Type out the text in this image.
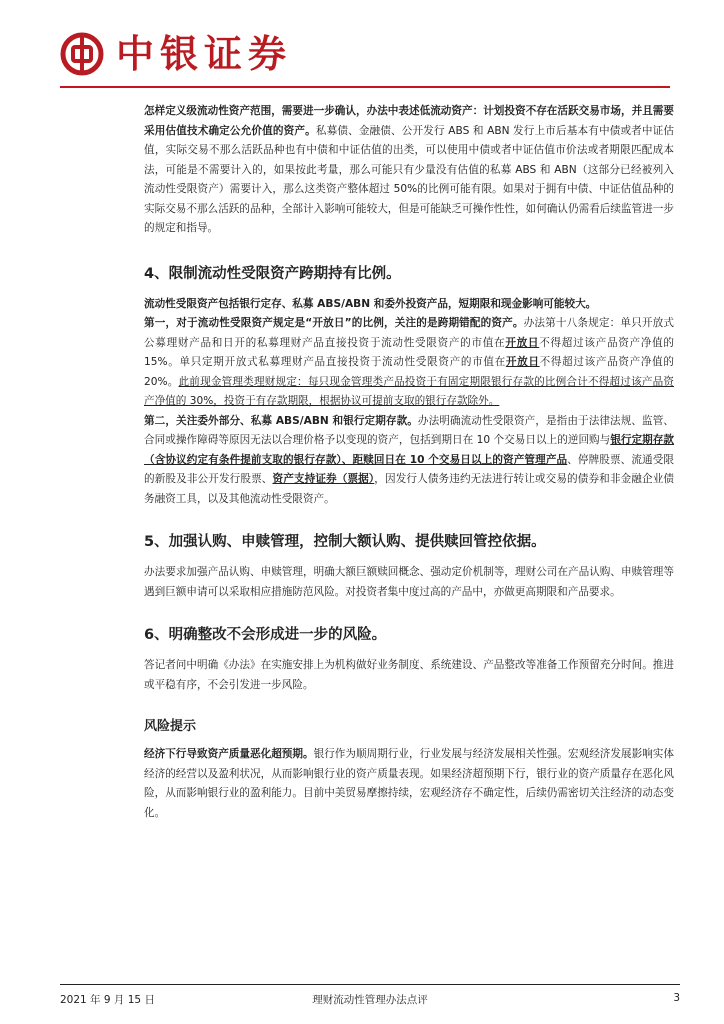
中银证券

怎样定义级流动性资产范围，需要进一步确认，办法中表述低流动资产：计划投资不存在活跃交易市场，并且需要采用估值技术确定公允价值的资产。私募债、金融债、公开发行 ABS 和 ABN 发行上市后基本有中债或者中证估值，实际交易不那么活跃品种也有中债和中证估值的出类，可以使用中债或者中证估值市价法或者期限匹配成本法，可能是不需要计入的，如果按此考量，那么可能只有少量没有估值的私募 ABS 和 ABN（这部分已经被列入流动性受限资产）需要计入，那么这类资产整体超过 50%的比例可能有限。如果对于拥有中债、中证估值品种的实际交易不那么活跃的品种，全部计入影响可能较大，但是可能缺乏可操作性性，如何确认仍需看后续监管进一步的规定和指导。

4、限制流动性受限资产跨期持有比例。

流动性受限资产包括银行定存、私募 ABS/ABN 和委外投资产品，短期限和现金影响可能较大。

第一，对于流动性受限资产规定是“开放日”的比例，关注的是跨期错配的资产。办法第十八条规定：单只开放式公募理财产品和日开的私募理财产品直接投资于流动性受限资产的市值在开放日不得超过该产品资产净值的 15%。单只定期开放式私募理财产品直接投资于流动性受限资产的市值在开放日不得超过该产品资产净值的 20%。此前现金管理类理财规定：每只现金管理类产品投资于有固定期限银行存款的比例合计不得超过该产品资产净值的 30%，投资于有存款期限，根据协议可提前支取的银行存款除外。

第二，关注委外部分、私募 ABS/ABN 和银行定期存款。办法明确流动性受限资产，是指由于法律法规、监管、合同或操作障碍等原因无法以合理价格予以变现的资产，包括到期日在 10 个交易日以上的逆回购与银行定期存款（含协议约定有条件提前支取的银行存款）、距赎回日在 10 个交易日以上的资产管理产品、停牌股票、流通受限的新股及非公开发行股票、资产支持证券（票据），因发行人债务违约无法进行转让或交易的债券和非金融企业债务融资工具，以及其他流动性受限资产。

5、加强认购、申赎管理，控制大额认购、提供赎回管控依据。

办法要求加强产品认购、申赎管理，明确大额巨额赎回概念、强动定价机制等，理财公司在产品认购、申赎管理等遇到巨额申请可以采取相应措施防范风险。对投资者集中度过高的产品中，亦做更高期限和产品要求。

6、明确整改不会形成进一步的风险。

答记者问中明确《办法》在实施安排上为机构做好业务制度、系统建设、产品整改等准备工作预留充分时间。推进或平稳有序，不会引发进一步风险。

风险提示

经济下行导致资产质量恶化超预期。银行作为顺周期行业，行业发展与经济发展相关性强。宏观经济发展影响实体经济的经营以及盈利状况，从而影响银行业的资产质量表现。如果经济超预期下行，银行业的资产质量存在恶化风险，从而影响银行业的盈利能力。目前中美贸易摩擦持续，宏观经济存不确定性，后续仍需密切关注经济的动态变化。

2021 年 9 月 15 日	理财流动性管理办法点评	3
